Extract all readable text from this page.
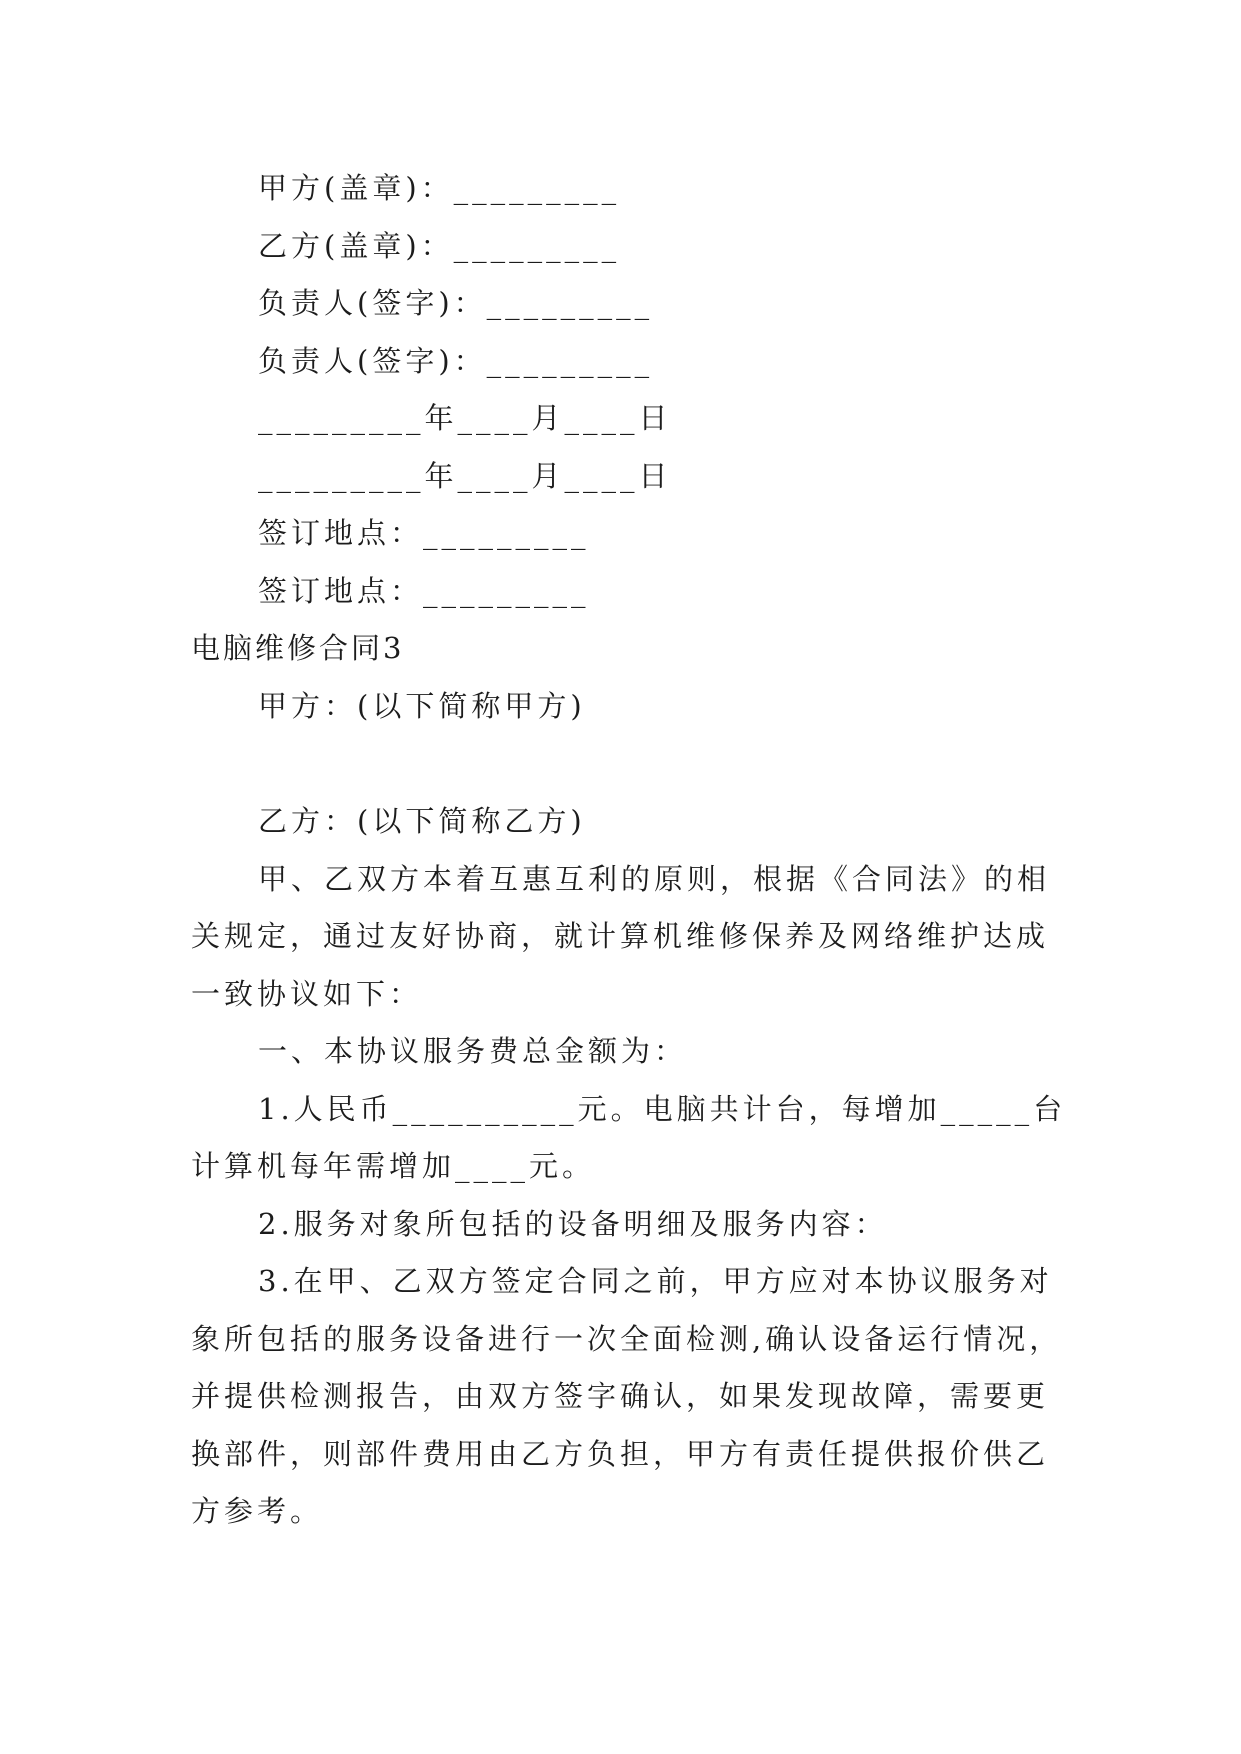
甲方(盖章)：_________
乙方(盖章)：_________
负责人(签字)：_________
负责人(签字)：_________
_________年____月____日
_________年____月____日
签订地点：_________
签订地点：_________
电脑维修合同3
甲方：(以下简称甲方)
乙方：(以下简称乙方)
甲、乙双方本着互惠互利的原则，根据《合同法》的相
关规定，通过友好协商，就计算机维修保养及网络维护达成
一致协议如下：
一、本协议服务费总金额为：
1.人民币__________元。电脑共计台，每增加_____台
计算机每年需增加____元。
2.服务对象所包括的设备明细及服务内容：
3.在甲、乙双方签定合同之前，甲方应对本协议服务对
象所包括的服务设备进行一次全面检测,确认设备运行情况，
并提供检测报告，由双方签字确认，如果发现故障，需要更
换部件，则部件费用由乙方负担，甲方有责任提供报价供乙
方参考。
